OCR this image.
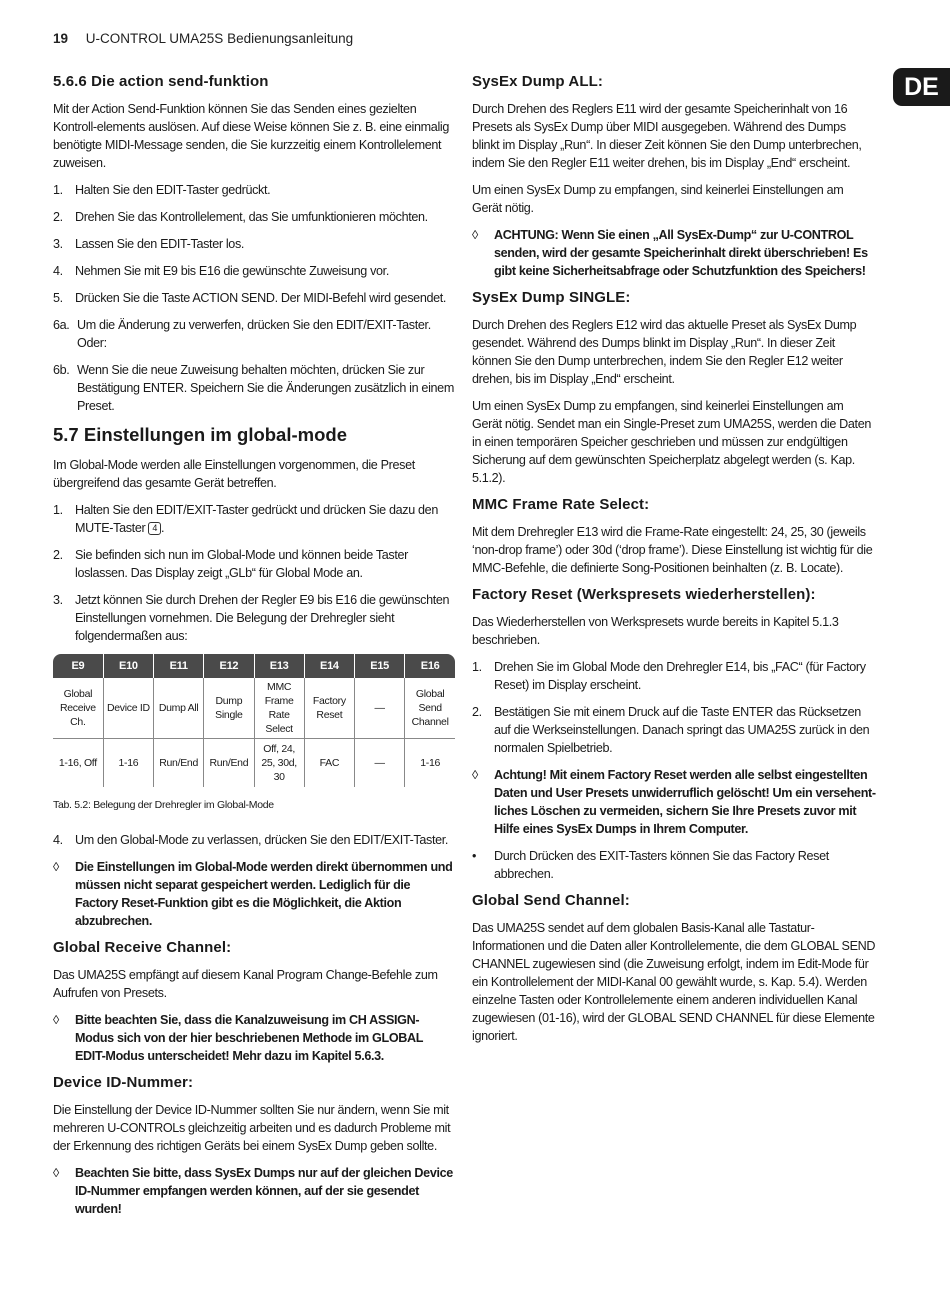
19 U-CONTROL UMA25S Bedienungsanleitung
DE
5.6.6 Die action send-funktion

Mit der Action Send-Funktion können Sie das Senden eines gezielten Kontroll-elements auslösen. Auf diese Weise können Sie z. B. eine einmalig benötigte MIDI-Message senden, die Sie kurzzeitig einem Kontrollelement zuweisen.

1. Halten Sie den EDIT-Taster gedrückt.
2. Drehen Sie das Kontrollelement, das Sie umfunktionieren möchten.
3. Lassen Sie den EDIT-Taster los.
4. Nehmen Sie mit E9 bis E16 die gewünschte Zuweisung vor.
5. Drücken Sie die Taste ACTION SEND. Der MIDI-Befehl wird gesendet.
6a. Um die Änderung zu verwerfen, drücken Sie den EDIT/EXIT-Taster. Oder:
6b. Wenn Sie die neue Zuweisung behalten möchten, drücken Sie zur Bestätigung ENTER. Speichern Sie die Änderungen zusätzlich in einem Preset.
5.7 Einstellungen im global-mode

Im Global-Mode werden alle Einstellungen vorgenommen, die Preset übergreifend das gesamte Gerät betreffen.

1. Halten Sie den EDIT/EXIT-Taster gedrückt und drücken Sie dazu den MUTE-Taster 4 .
2. Sie befinden sich nun im Global-Mode und können beide Taster loslassen. Das Display zeigt „GLb“ für Global Mode an.
3. Jetzt können Sie durch Drehen der Regler E9 bis E16 die gewünschten Einstellungen vornehmen. Die Belegung der Drehregler sieht folgendermaßen aus:
E9	E10	E11	E12	E13	E14	E15	E16
Global Receive Ch.	Device ID	Dump All	Dump Single	MMC Frame Rate Select	Factory Reset	—	Global Send Channel
1-16, Off	1-16	Run/End	Run/End	Off, 24, 25, 30d, 30	FAC	—	1-16
Tab. 5.2: Belegung der Drehregler im Global-Mode
4. Um den Global-Mode zu verlassen, drücken Sie den EDIT/EXIT-Taster.
◊	Die Einstellungen im Global-Mode werden direkt übernommen und müssen nicht separat gespeichert werden. Lediglich für die Factory Reset-Funktion gibt es die Möglichkeit, die Aktion abzubrechen.
Global Receive Channel:

Das UMA25S empfängt auf diesem Kanal Program Change-Befehle zum Aufrufen von Presets.

◊	Bitte beachten Sie, dass die Kanalzuweisung im CH ASSIGN-Modus sich von der hier beschriebenen Methode im GLOBAL EDIT-Modus unterscheidet! Mehr dazu im Kapitel 5.6.3.
Device ID-Nummer:

Die Einstellung der Device ID-Nummer sollten Sie nur ändern, wenn Sie mit mehreren U-CONTROLs gleichzeitig arbeiten und es dadurch Probleme mit der Erkennung des richtigen Geräts bei einem SysEx Dump geben sollte.

◊	Beachten Sie bitte, dass SysEx Dumps nur auf der gleichen Device ID-Nummer empfangen werden können, auf der sie gesendet wurden!
SysEx Dump ALL:

Durch Drehen des Reglers E11 wird der gesamte Speicherinhalt von 16 Presets als SysEx Dump über MIDI ausgegeben. Während des Dumps blinkt im Display „Run“. In dieser Zeit können Sie den Dump unterbrechen, indem Sie den Regler E11 weiter drehen, bis im Display „End“ erscheint.

Um einen SysEx Dump zu empfangen, sind keinerlei Einstellungen am Gerät nötig.

◊	ACHTUNG: Wenn Sie einen „All SysEx-Dump“ zur U-CONTROL senden, wird der gesamte Speicherinhalt direkt überschrieben! Es gibt keine Sicherheitsabfrage oder Schutzfunktion des Speichers!
SysEx Dump SINGLE:

Durch Drehen des Reglers E12 wird das aktuelle Preset als SysEx Dump gesendet. Während des Dumps blinkt im Display „Run“. In dieser Zeit können Sie den Dump unterbrechen, indem Sie den Regler E12 weiter drehen, bis im Display „End“ erscheint.

Um einen SysEx Dump zu empfangen, sind keinerlei Einstellungen am Gerät nötig. Sendet man ein Single-Preset zum UMA25S, werden die Daten in einen temporären Speicher geschrieben und müssen zur endgültigen Sicherung auf dem gewünschten Speicherplatz abgelegt werden (s. Kap. 5.1.2).

MMC Frame Rate Select:

Mit dem Drehregler E13 wird die Frame-Rate eingestellt: 24, 25, 30 (jeweils ‘non-drop frame’) oder 30d (‘drop frame’). Diese Einstellung ist wichtig für die MMC-Befehle, die definierte Song-Positionen beinhalten (z. B. Locate).

Factory Reset (Werkspresets wiederherstellen):

Das Wiederherstellen von Werkspresets wurde bereits in Kapitel 5.1.3 beschrieben.

1. Drehen Sie im Global Mode den Drehregler E14, bis „FAC“ (für Factory Reset) im Display erscheint.
2. Bestätigen Sie mit einem Druck auf die Taste ENTER das Rücksetzen auf die Werkseinstellungen. Danach springt das UMA25S zurück in den normalen Spielbetrieb.
◊	Achtung! Mit einem Factory Reset werden alle selbst eingestellten Daten und User Presets unwiderruflich gelöscht! Um ein versehent-liches Löschen zu vermeiden, sichern Sie Ihre Presets zuvor mit Hilfe eines SysEx Dumps in Ihrem Computer.
•	Durch Drücken des EXIT-Tasters können Sie das Factory Reset abbrechen.
Global Send Channel:

Das UMA25S sendet auf dem globalen Basis-Kanal alle Tastatur-Informationen und die Daten aller Kontrollelemente, die dem GLOBAL SEND CHANNEL zugewiesen sind (die Zuweisung erfolgt, indem im Edit-Mode für ein Kontrollelement der MIDI-Kanal 00 gewählt wurde, s. Kap. 5.4). Werden einzelne Tasten oder Kontrollelemente einem anderen individuellen Kanal zugewiesen (01-16), wird der GLOBAL SEND CHANNEL für diese Elemente ignoriert.
